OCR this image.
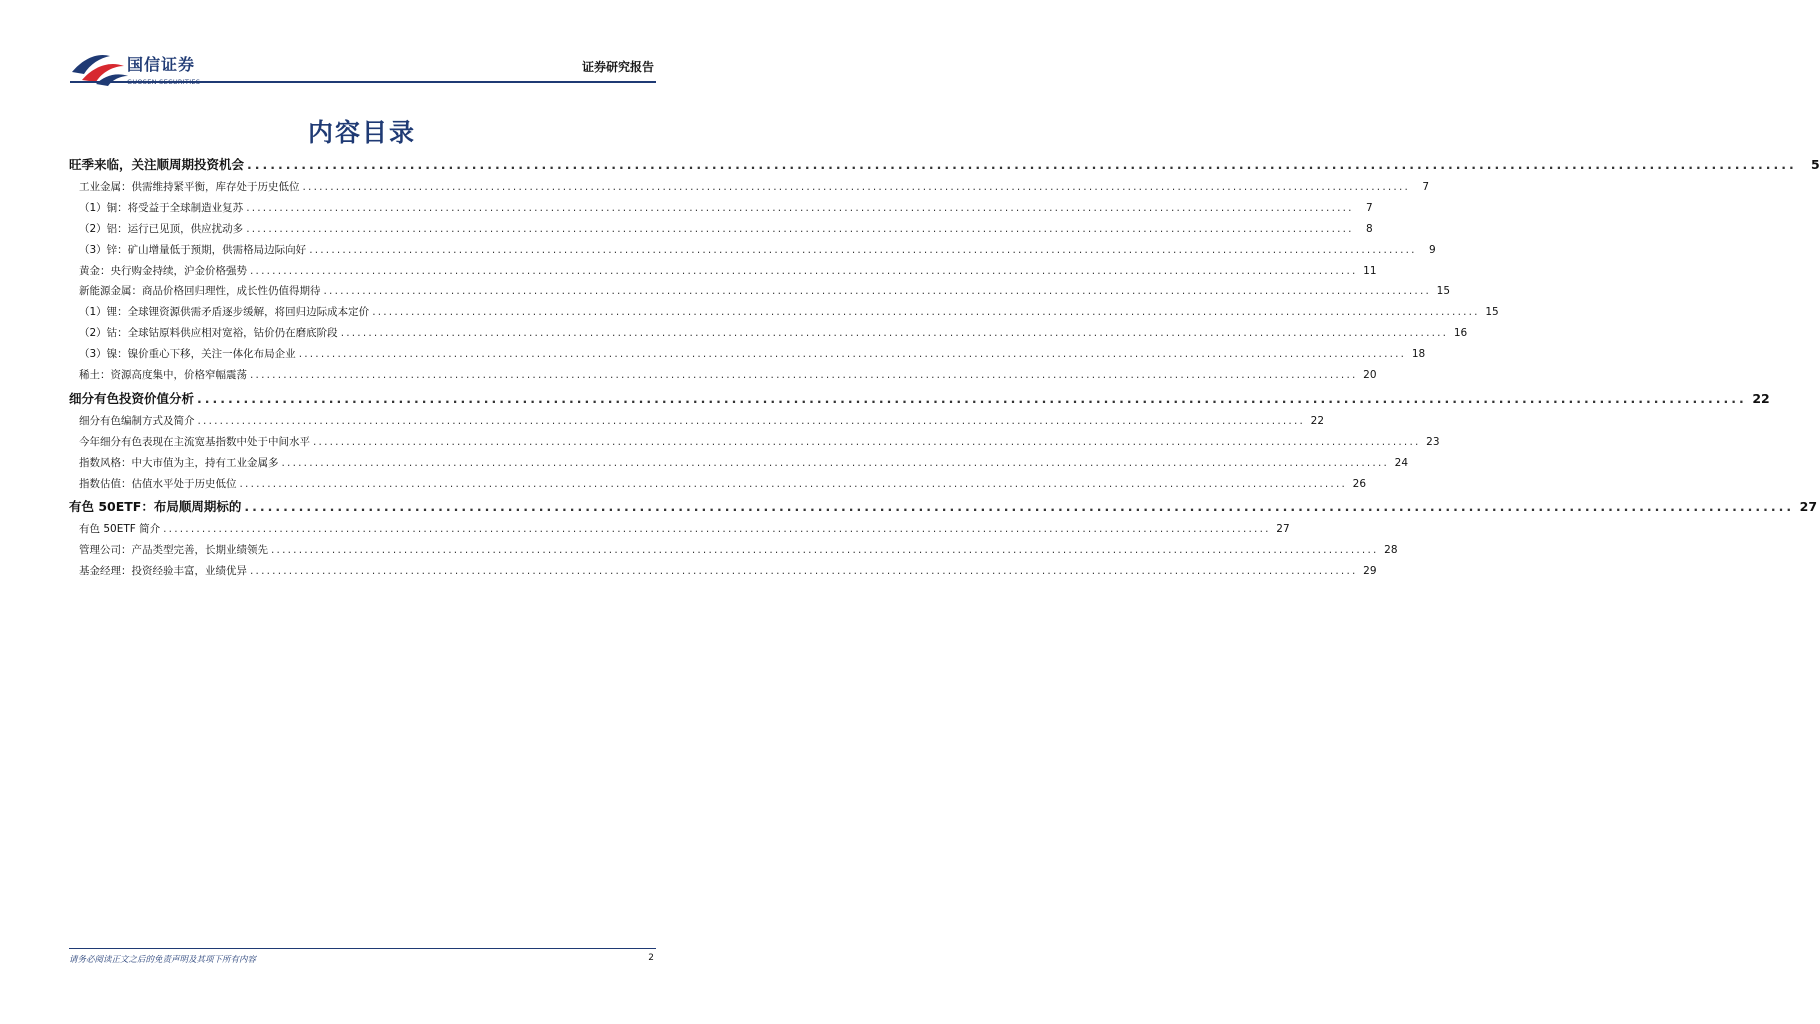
国信证券	证券研究报告
内容目录
旺季来临，关注顺周期投资机会 ........................................................................................................................................................................................................	5
工业金属：供需维持紧平衡，库存处于历史低位 ........................................................................................................................................................................................................	7
（1）铜：将受益于全球制造业复苏 ........................................................................................................................................................................................................	7
（2）铝：运行已见顶，供应扰动多 ........................................................................................................................................................................................................	8
（3）锌：矿山增量低于预期，供需格局边际向好 ........................................................................................................................................................................................................	9
黄金：央行购金持续，沪金价格强势 ........................................................................................................................................................................................................ 11
新能源金属：商品价格回归理性，成长性仍值得期待 ........................................................................................................................................................................................................ 15
（1）锂：全球锂资源供需矛盾逐步缓解，将回归边际成本定价 ........................................................................................................................................................................................................ 15
（2）钴：全球钴原料供应相对宽裕，钴价仍在磨底阶段 ........................................................................................................................................................................................................ 16
（3）镍：镍价重心下移，关注一体化布局企业 ........................................................................................................................................................................................................ 18
稀土：资源高度集中，价格窄幅震荡 ........................................................................................................................................................................................................ 20
细分有色投资价值分析 ........................................................................................................................................................................................................ 22
细分有色编制方式及简介 ........................................................................................................................................................................................................ 22
今年细分有色表现在主流宽基指数中处于中间水平 ........................................................................................................................................................................................................ 23
指数风格：中大市值为主，持有工业金属多 ........................................................................................................................................................................................................ 24
指数估值：估值水平处于历史低位 ........................................................................................................................................................................................................ 26
有色 50ETF：布局顺周期标的 ........................................................................................................................................................................................................ 27
有色 50ETF 简介 ........................................................................................................................................................................................................ 27
管理公司：产品类型完善，长期业绩领先 ........................................................................................................................................................................................................ 28
基金经理：投资经验丰富，业绩优异 ........................................................................................................................................................................................................ 29
请务必阅读正文之后的免责声明及其项下所有内容	2
